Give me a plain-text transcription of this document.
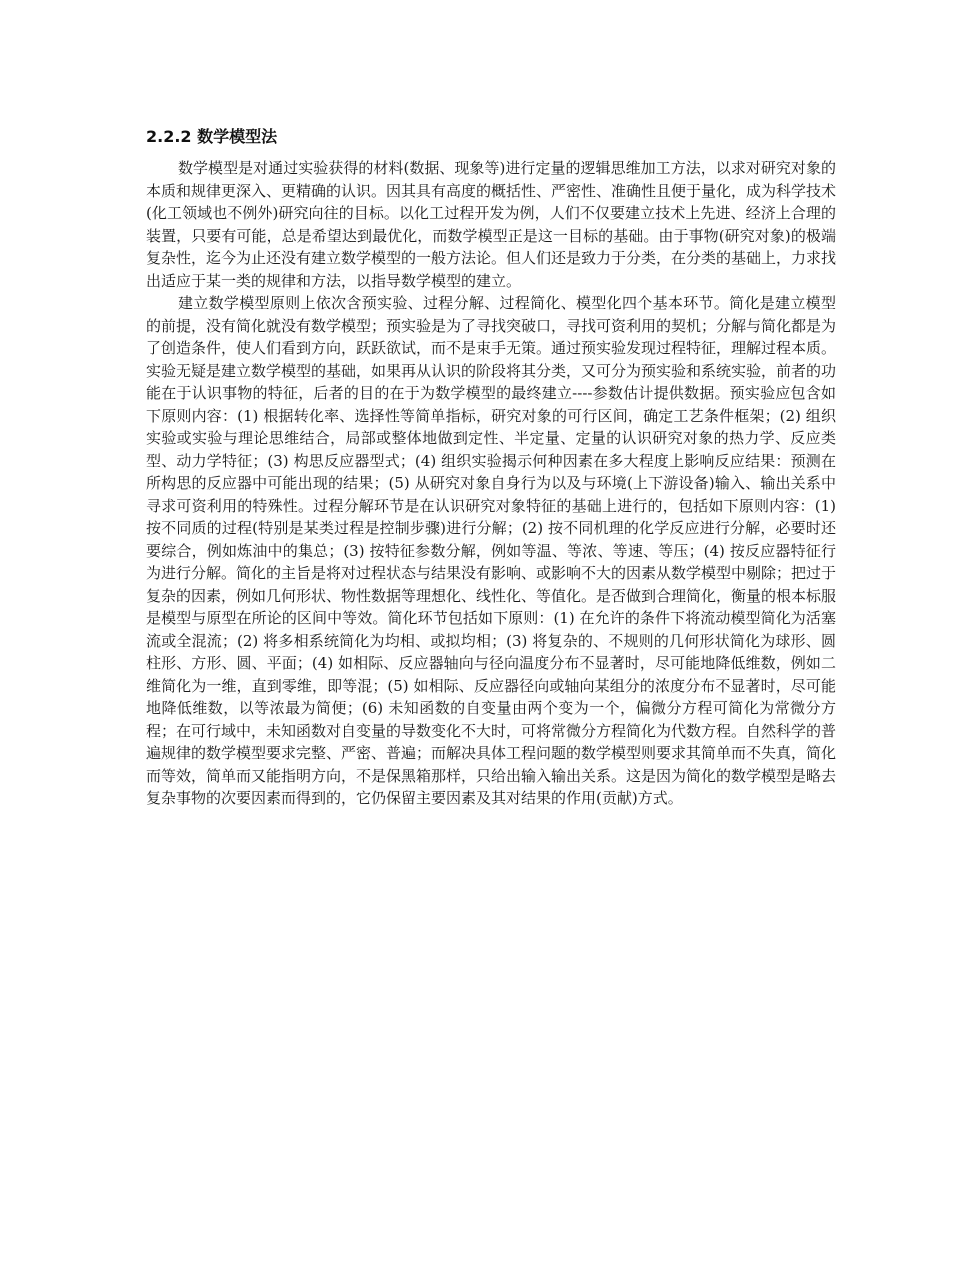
2.2.2 数学模型法

数学模型是对通过实验获得的材料(数据、现象等)进行定量的逻辑思维加工方法，以求对研究对象的本质和规律更深入、更精确的认识。因其具有高度的概括性、严密性、准确性且便于量化，成为科学技术(化工领域也不例外)研究向往的目标。以化工过程开发为例，人们不仅要建立技术上先进、经济上合理的装置，只要有可能，总是希望达到最优化，而数学模型正是这一目标的基础。由于事物(研究对象)的极端复杂性，迄今为止还没有建立数学模型的一般方法论。但人们还是致力于分类，在分类的基础上，力求找出适应于某一类的规律和方法，以指导数学模型的建立。

建立数学模型原则上依次含预实验、过程分解、过程简化、模型化四个基本环节。简化是建立模型的前提，没有简化就没有数学模型；预实验是为了寻找突破口，寻找可资利用的契机；分解与简化都是为了创造条件，使人们看到方向，跃跃欲试，而不是束手无策。通过预实验发现过程特征，理解过程本质。实验无疑是建立数学模型的基础，如果再从认识的阶段将其分类，又可分为预实验和系统实验，前者的功能在于认识事物的特征，后者的目的在于为数学模型的最终建立----参数估计提供数据。预实验应包含如下原则内容：(1) 根据转化率、选择性等简单指标，研究对象的可行区间，确定工艺条件框架；(2) 组织实验或实验与理论思维结合，局部或整体地做到定性、半定量、定量的认识研究对象的热力学、反应类型、动力学特征；(3) 构思反应器型式；(4) 组织实验揭示何种因素在多大程度上影响反应结果：预测在所构思的反应器中可能出现的结果；(5) 从研究对象自身行为以及与环境(上下游设备)输入、输出关系中寻求可资利用的特殊性。过程分解环节是在认识研究对象特征的基础上进行的，包括如下原则内容：(1) 按不同质的过程(特别是某类过程是控制步骤)进行分解；(2) 按不同机理的化学反应进行分解，必要时还要综合，例如炼油中的集总；(3) 按特征参数分解，例如等温、等浓、等速、等压；(4) 按反应器特征行为进行分解。简化的主旨是将对过程状态与结果没有影响、或影响不大的因素从数学模型中剔除；把过于复杂的因素，例如几何形状、物性数据等理想化、线性化、等值化。是否做到合理简化，衡量的根本标服是模型与原型在所论的区间中等效。简化环节包括如下原则：(1) 在允许的条件下将流动模型简化为活塞流或全混流；(2) 将多相系统简化为均相、或拟均相；(3) 将复杂的、不规则的几何形状简化为球形、圆柱形、方形、圆、平面；(4) 如相际、反应器轴向与径向温度分布不显著时，尽可能地降低维数，例如二维简化为一维，直到零维，即等混；(5) 如相际、反应器径向或轴向某组分的浓度分布不显著时，尽可能地降低维数，以等浓最为简便；(6) 未知函数的自变量由两个变为一个，偏微分方程可简化为常微分方程；在可行域中，未知函数对自变量的导数变化不大时，可将常微分方程简化为代数方程。自然科学的普遍规律的数学模型要求完整、严密、普遍；而解决具体工程问题的数学模型则要求其简单而不失真，简化而等效，简单而又能指明方向，不是保黑箱那样，只给出输入输出关系。这是因为简化的数学模型是略去复杂事物的次要因素而得到的，它仍保留主要因素及其对结果的作用(贡献)方式。
